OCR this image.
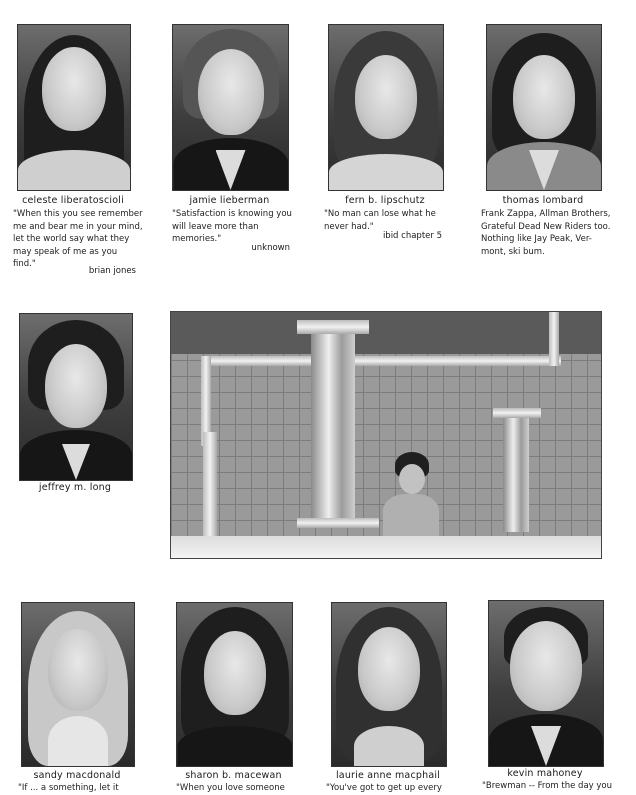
celeste liberatoscioli
"When this you see remember
me and bear me in your mind,
let the world say what they
may speak of me as you
find."
brian jones
jamie lieberman
"Satisfaction is knowing you
will leave more than
memories."
unknown
fern b. lipschutz
"No man can lose what he
never had."
ibid chapter 5
thomas lombard
Frank Zappa, Allman Brothers,
Grateful Dead New Riders too.
Nothing like Jay Peak, Ver-
mont, ski bum.
jeffrey m. long
sandy macdonald
"If ... a something, let it
sharon b. macewan
"When you love someone
laurie anne macphail
"You've got to get up every
kevin mahoney
"Brewman -- From the day you
